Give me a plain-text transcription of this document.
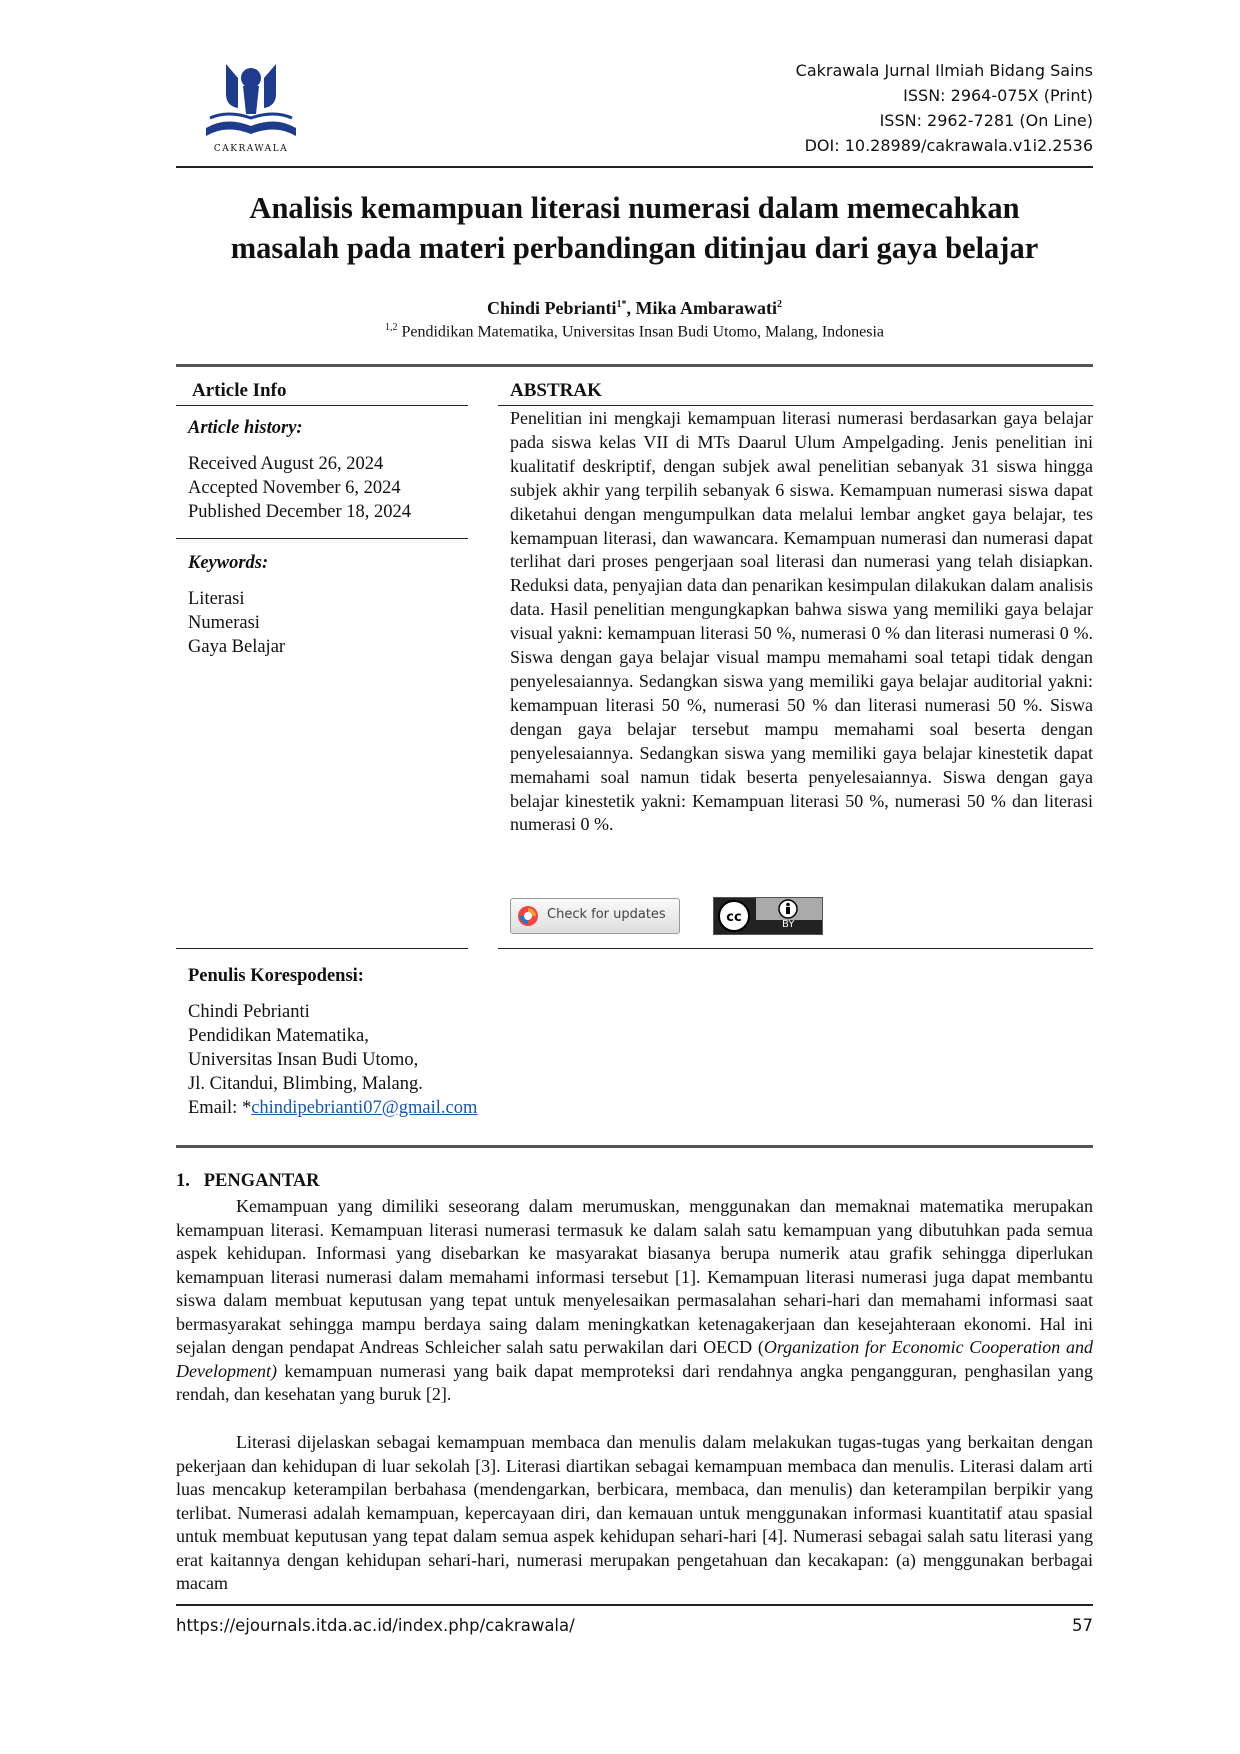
CAKRAWALA
Cakrawala Jurnal Ilmiah Bidang Sains
ISSN: 2964-075X (Print)
ISSN: 2962-7281 (On Line)
DOI: 10.28989/cakrawala.v1i2.2536
Analisis kemampuan literasi numerasi dalam memecahkan
masalah pada materi perbandingan ditinjau dari gaya belajar
Chindi Pebrianti$^{1*}$, Mika Ambarawati$^2$
$^{1,2}$ Pendidikan Matematika, Universitas Insan Budi Utomo, Malang, Indonesia
Article Info
Article history:
Received August 26, 2024
Accepted November 6, 2024
Published December 18, 2024
Keywords:
Literasi
Numerasi
Gaya Belajar
ABSTRAK
Penelitian ini mengkaji kemampuan literasi numerasi berdasarkan gaya belajar pada siswa kelas VII di MTs Daarul Ulum Ampelgading. Jenis penelitian ini kualitatif deskriptif, dengan subjek awal penelitian sebanyak 31 siswa hingga subjek akhir yang terpilih sebanyak 6 siswa. Kemampuan numerasi siswa dapat diketahui dengan mengumpulkan data melalui lembar angket gaya belajar, tes kemampuan literasi, dan wawancara. Kemampuan numerasi dan numerasi dapat terlihat dari proses pengerjaan soal literasi dan numerasi yang telah disiapkan. Reduksi data, penyajian data dan penarikan kesimpulan dilakukan dalam analisis data. Hasil penelitian mengungkapkan bahwa siswa yang memiliki gaya belajar visual yakni: kemampuan literasi 50 %, numerasi 0 % dan literasi numerasi 0 %. Siswa dengan gaya belajar visual mampu memahami soal tetapi tidak dengan penyelesaiannya. Sedangkan siswa yang memiliki gaya belajar auditorial yakni: kemampuan literasi 50 %, numerasi 50 % dan literasi numerasi 50 %. Siswa dengan gaya belajar tersebut mampu memahami soal beserta dengan penyelesaiannya. Sedangkan siswa yang memiliki gaya belajar kinestetik dapat memahami soal namun tidak beserta penyelesaiannya. Siswa dengan gaya belajar kinestetik yakni: Kemampuan literasi 50 %, numerasi 50 % dan literasi numerasi 0 %.
Check for updates	cc	BY
Penulis Korespodensi:
Chindi Pebrianti
Pendidikan Matematika,
Universitas Insan Budi Utomo,
Jl. Citandui, Blimbing, Malang.
Email: *chindipebrianti07@gmail.com
1.   PENGANTAR
Kemampuan yang dimiliki seseorang dalam merumuskan, menggunakan dan memaknai matematika merupakan kemampuan literasi. Kemampuan literasi numerasi termasuk ke dalam salah satu kemampuan yang dibutuhkan pada semua aspek kehidupan. Informasi yang disebarkan ke masyarakat biasanya berupa numerik atau grafik sehingga diperlukan kemampuan literasi numerasi dalam memahami informasi tersebut [1]. Kemampuan literasi numerasi juga dapat membantu siswa dalam membuat keputusan yang tepat untuk menyelesaikan permasalahan sehari-hari dan memahami informasi saat bermasyarakat sehingga mampu berdaya saing dalam meningkatkan ketenagakerjaan dan kesejahteraan ekonomi. Hal ini sejalan dengan pendapat Andreas Schleicher salah satu perwakilan dari OECD (Organization for Economic Cooperation and Development) kemampuan numerasi yang baik dapat memproteksi dari rendahnya angka pengangguran, penghasilan yang rendah, dan kesehatan yang buruk [2].
Literasi dijelaskan sebagai kemampuan membaca dan menulis dalam melakukan tugas-tugas yang berkaitan dengan pekerjaan dan kehidupan di luar sekolah [3]. Literasi diartikan sebagai kemampuan membaca dan menulis. Literasi dalam arti luas mencakup keterampilan berbahasa (mendengarkan, berbicara, membaca, dan menulis) dan keterampilan berpikir yang terlibat. Numerasi adalah kemampuan, kepercayaan diri, dan kemauan untuk menggunakan informasi kuantitatif atau spasial untuk membuat keputusan yang tepat dalam semua aspek kehidupan sehari-hari [4]. Numerasi sebagai salah satu literasi yang erat kaitannya dengan kehidupan sehari-hari, numerasi merupakan pengetahuan dan kecakapan: (a) menggunakan berbagai macam
https://ejournals.itda.ac.id/index.php/cakrawala/	57
